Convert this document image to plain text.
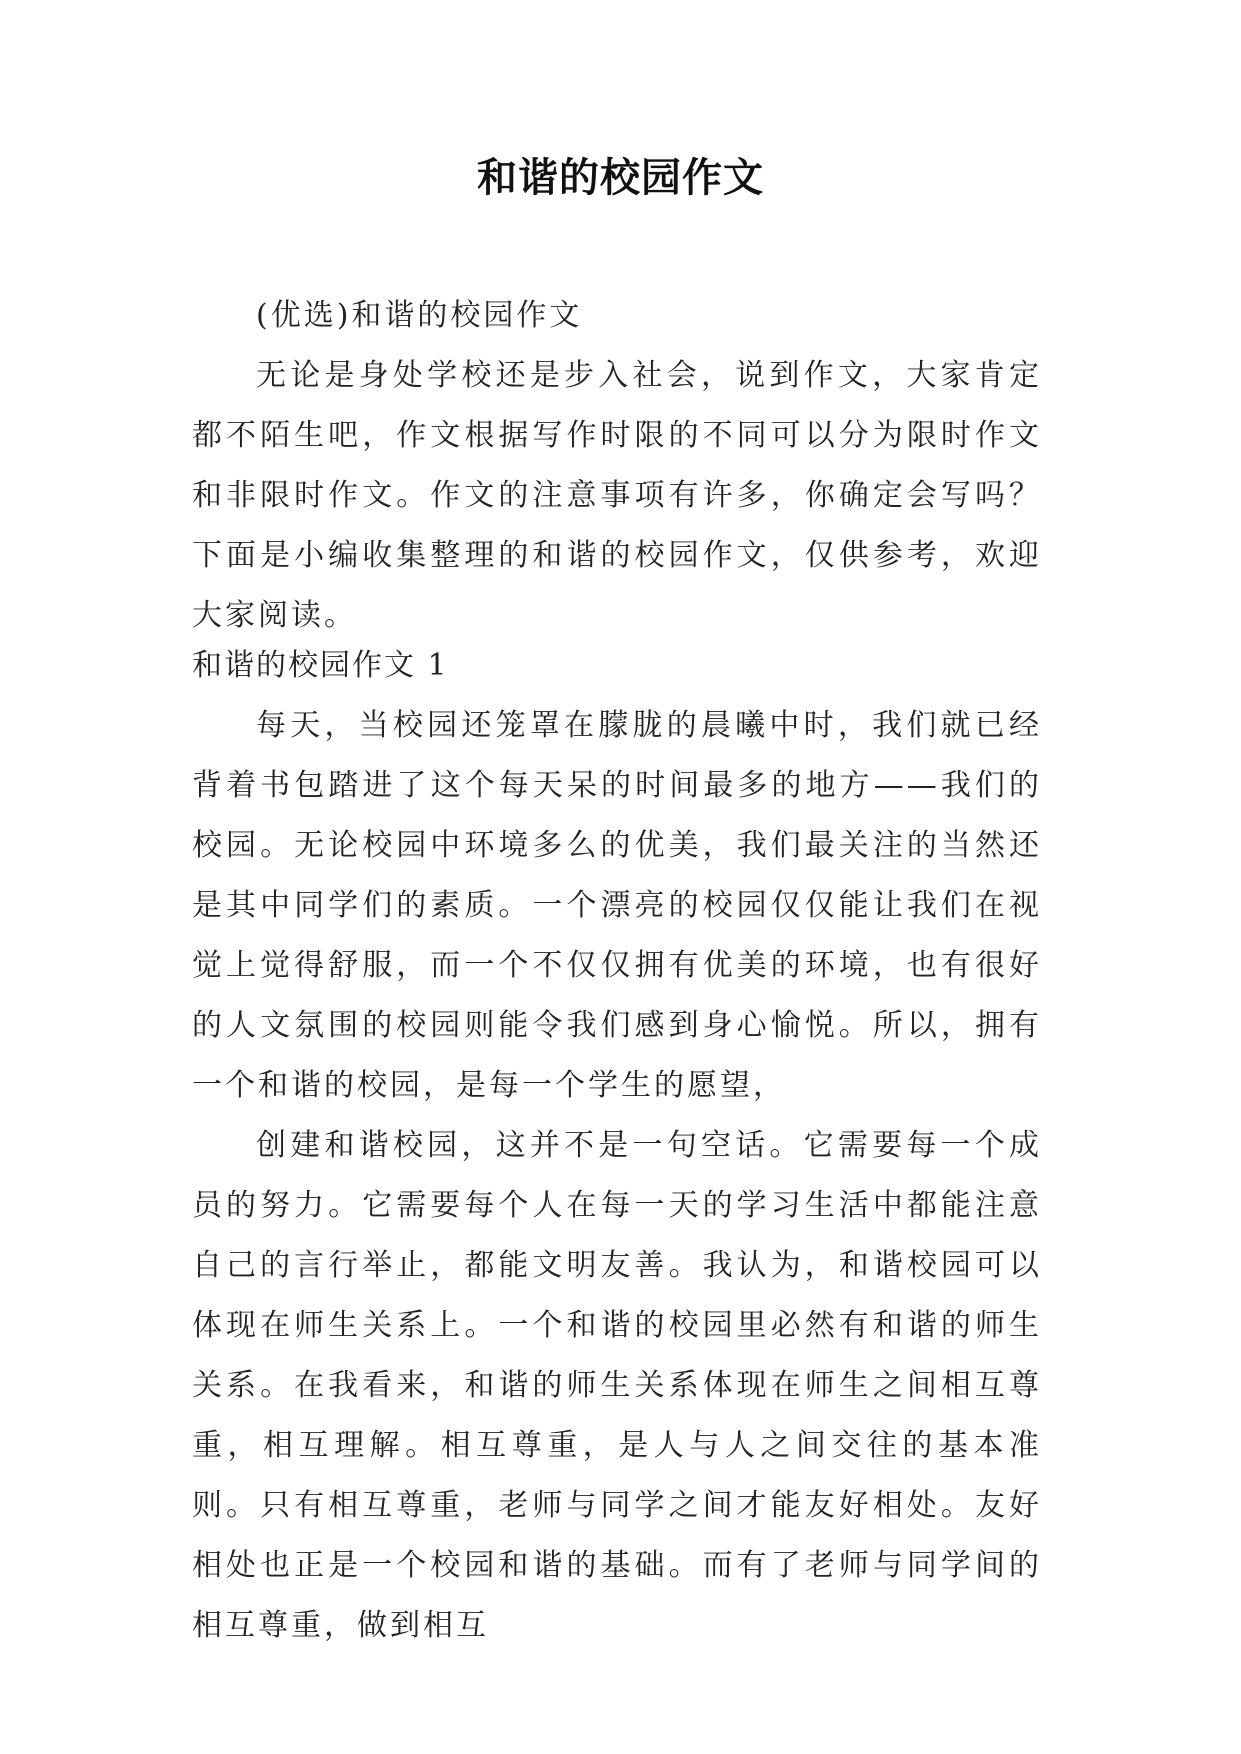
和谐的校园作文

(优选)和谐的校园作文

无论是身处学校还是步入社会，说到作文，大家肯定都不陌生吧，作文根据写作时限的不同可以分为限时作文和非限时作文。作文的注意事项有许多，你确定会写吗？下面是小编收集整理的和谐的校园作文，仅供参考，欢迎大家阅读。

和谐的校园作文 1

每天，当校园还笼罩在朦胧的晨曦中时，我们就已经背着书包踏进了这个每天呆的时间最多的地方——我们的校园。无论校园中环境多么的优美，我们最关注的当然还是其中同学们的素质。一个漂亮的校园仅仅能让我们在视觉上觉得舒服，而一个不仅仅拥有优美的环境，也有很好的人文氛围的校园则能令我们感到身心愉悦。所以，拥有一个和谐的校园，是每一个学生的愿望，

创建和谐校园，这并不是一句空话。它需要每一个成员的努力。它需要每个人在每一天的学习生活中都能注意自己的言行举止，都能文明友善。我认为，和谐校园可以体现在师生关系上。一个和谐的校园里必然有和谐的师生关系。在我看来，和谐的师生关系体现在师生之间相互尊重，相互理解。相互尊重，是人与人之间交往的基本准则。只有相互尊重，老师与同学之间才能友好相处。友好相处也正是一个校园和谐的基础。而有了老师与同学间的相互尊重，做到相互
